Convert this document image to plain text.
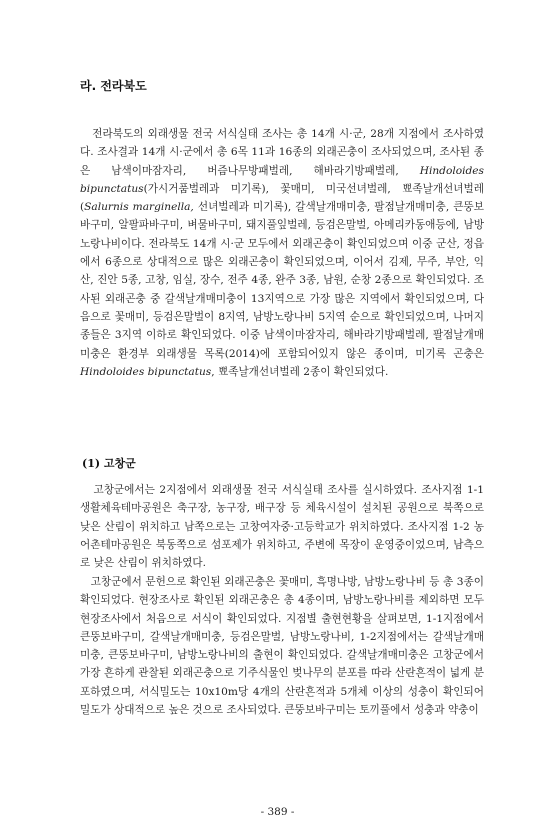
라. 전라북도

전라북도의 외래생물 전국 서식실태 조사는 총 14개 시·군, 28개 지점에서 조사하였다. 조사결과 14개 시·군에서 총 6목 11과 16종의 외래곤충이 조사되었으며, 조사된 종은 남색이마잠자리, 버즘나무방패벌레, 해바라기방패벌레, Hindoloides bipunctatus(가시거품벌레과 미기록), 꽃매미, 미국선녀벌레, 뾰족날개선녀벌레(Salurnis marginella, 선녀벌레과 미기록), 갈색날개매미충, 팔점날개매미충, 큰뚱보바구미, 알팔파바구미, 벼물바구미, 돼지풀잎벌레, 등검은말벌, 아메리카동애등에, 남방노랑나비이다. 전라북도 14개 시·군 모두에서 외래곤충이 확인되었으며 이중 군산, 정읍에서 6종으로 상대적으로 많은 외래곤충이 확인되었으며, 이어서 김제, 무주, 부안, 익산, 진안 5종, 고창, 임실, 장수, 전주 4종, 완주 3종, 남원, 순창 2종으로 확인되었다. 조사된 외래곤충 중 갈색날개매미충이 13지역으로 가장 많은 지역에서 확인되었으며, 다음으로 꽃매미, 등검은말벌이 8지역, 남방노랑나비 5지역 순으로 확인되었으며, 나머지 종들은 3지역 이하로 확인되었다. 이중 남색이마잠자리, 해바라기방패벌레, 팔점날개매미충은 환경부 외래생물 목록(2014)에 포함되어있지 않은 종이며, 미기록 곤충은 Hindoloides bipunctatus, 뾰족날개선녀벌레 2종이 확인되었다.

(1) 고창군

고창군에서는 2지점에서 외래생물 전국 서식실태 조사를 실시하였다. 조사지점 1-1 생활체육테마공원은 축구장, 농구장, 배구장 등 체육시설이 설치된 공원으로 북쪽으로 낮은 산림이 위치하고 남쪽으로는 고창여자중·고등학교가 위치하였다. 조사지점 1-2 농어촌테마공원은 북동쪽으로 섬포제가 위치하고, 주변에 목장이 운영중이었으며, 남측으로 낮은 산림이 위치하였다.

고창군에서 문헌으로 확인된 외래곤충은 꽃매미, 흑명나방, 남방노랑나비 등 총 3종이 확인되었다. 현장조사로 확인된 외래곤충은 총 4종이며, 남방노랑나비를 제외하면 모두 현장조사에서 처음으로 서식이 확인되었다. 지점별 출현현황을 살펴보면, 1-1지점에서 큰뚱보바구미, 갈색날개매미충, 등검은말벌, 남방노랑나비, 1-2지점에서는 갈색날개매미충, 큰뚱보바구미, 남방노랑나비의 출현이 확인되었다. 갈색날개매미충은 고창군에서 가장 흔하게 관찰된 외래곤충으로 기주식물인 벚나무의 분포를 따라 산란흔적이 넓게 분포하였으며, 서식밀도는 10x10m당 4개의 산란흔적과 5개체 이상의 성충이 확인되어 밀도가 상대적으로 높은 것으로 조사되었다. 큰뚱보바구미는 토끼풀에서 성충과 약충이

- 389 -
